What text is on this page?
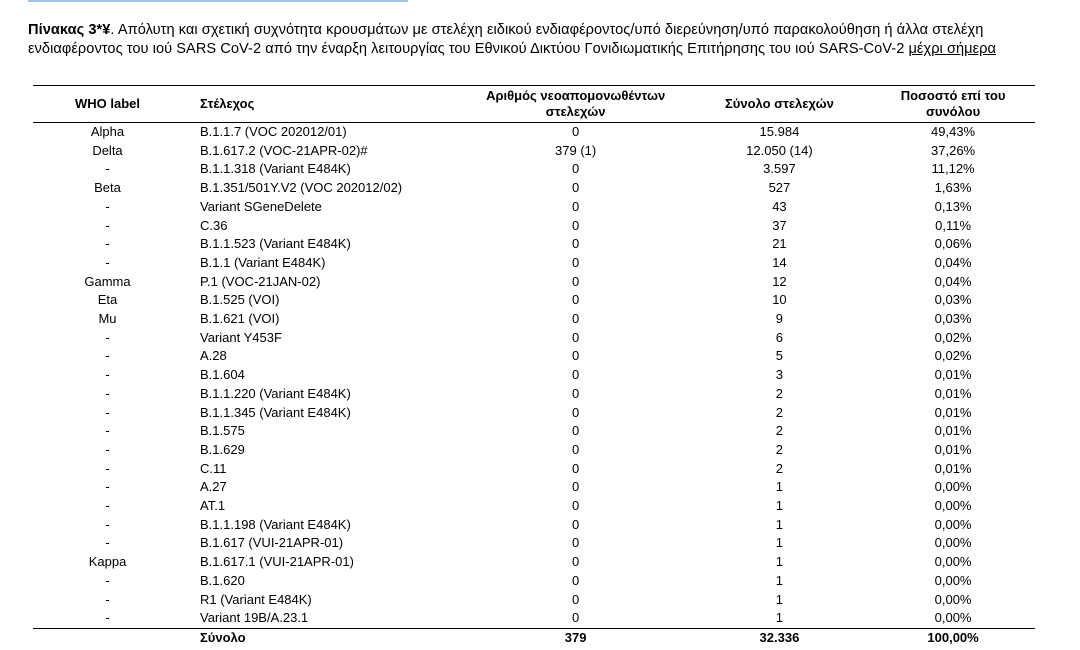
Πίνακας 3*¥. Απόλυτη και σχετική συχνότητα κρουσμάτων με στελέχη ειδικού ενδιαφέροντος/υπό διερεύνηση/υπό παρακολούθηση ή άλλα στελέχη ενδιαφέροντος του ιού SARS CoV-2 από την έναρξη λειτουργίας του Εθνικού Δικτύου Γονιδιωματικής Επιτήρησης του ιού SARS-CoV-2 μέχρι σήμερα
WHO label	Στέλεχος	Αριθμός νεοαπομονωθέντων στελεχών	Σύνολο στελεχών	Ποσοστό επί του συνόλου
Alpha	B.1.1.7 (VOC 202012/01)	0	15.984	49,43%
Delta	B.1.617.2 (VOC-21APR-02)#	379 (1)	12.050 (14)	37,26%
-	B.1.1.318 (Variant E484K)	0	3.597	11,12%
Beta	B.1.351/501Y.V2 (VOC 202012/02)	0	527	1,63%
-	Variant SGeneDelete	0	43	0,13%
-	C.36	0	37	0,11%
-	B.1.1.523 (Variant E484K)	0	21	0,06%
-	B.1.1 (Variant E484K)	0	14	0,04%
Gamma	P.1 (VOC-21JAN-02)	0	12	0,04%
Eta	B.1.525 (VOI)	0	10	0,03%
Mu	B.1.621 (VOI)	0	9	0,03%
-	Variant Y453F	0	6	0,02%
-	A.28	0	5	0,02%
-	B.1.604	0	3	0,01%
-	B.1.1.220 (Variant E484K)	0	2	0,01%
-	B.1.1.345 (Variant E484K)	0	2	0,01%
-	B.1.575	0	2	0,01%
-	B.1.629	0	2	0,01%
-	C.11	0	2	0,01%
-	A.27	0	1	0,00%
-	AT.1	0	1	0,00%
-	B.1.1.198 (Variant E484K)	0	1	0,00%
-	B.1.617 (VUI-21APR-01)	0	1	0,00%
Kappa	B.1.617.1 (VUI-21APR-01)	0	1	0,00%
-	B.1.620	0	1	0,00%
-	R1 (Variant E484K)	0	1	0,00%
-	Variant 19B/A.23.1	0	1	0,00%
	Σύνολο	379	32.336	100,00%
